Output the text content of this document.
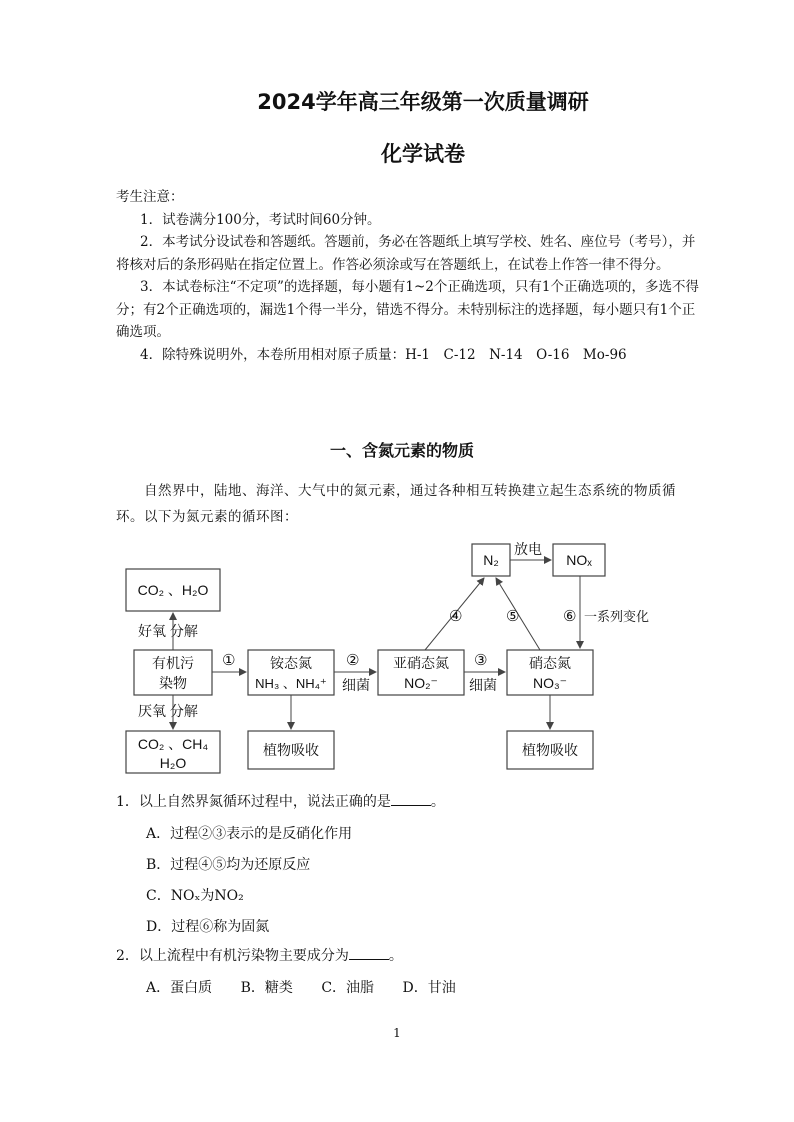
2024学年高三年级第一次质量调研
化学试卷

考生注意：

1．试卷满分100分，考试时间60分钟。

2．本考试分设试卷和答题纸。答题前，务必在答题纸上填写学校、姓名、座位号（考号），并将核对后的条形码贴在指定位置上。作答必须涂或写在答题纸上，在试卷上作答一律不得分。

3．本试卷标注“不定项”的选择题，每小题有1~2个正确选项，只有1个正确选项的，多选不得分；有2个正确选项的，漏选1个得一半分，错选不得分。未特别标注的选择题，每小题只有1个正确选项。

4．除特殊说明外，本卷所用相对原子质量：H-1　C-12　N-14　O-16　Mo-96

一、含氮元素的物质
自然界中，陆地、海洋、大气中的氮元素，通过各种相互转换建立起生态系统的物质循环。以下为氮元素的循环图：
CO₂ 、H₂O
有机污
染物
CO₂ 、CH₄
H₂O
铵态氮
NH₃ 、NH₄⁺
亚硝态氮
NO₂⁻
硝态氮
NO₃⁻
N₂	NOₓ
植物吸收	植物吸收
好氧 分解
厌氧 分解
放电
一系列变化
细菌	细菌
①	②	③
④	⑤	⑥
1．以上自然界氮循环过程中，说法正确的是	。
A．过程②③表示的是反硝化作用
B．过程④⑤均为还原反应
C．NOₓ为NO₂
D．过程⑥称为固氮
2．以上流程中有机污染物主要成分为	。
A．蛋白质 B．糖类 C．油脂 D．甘油
1
